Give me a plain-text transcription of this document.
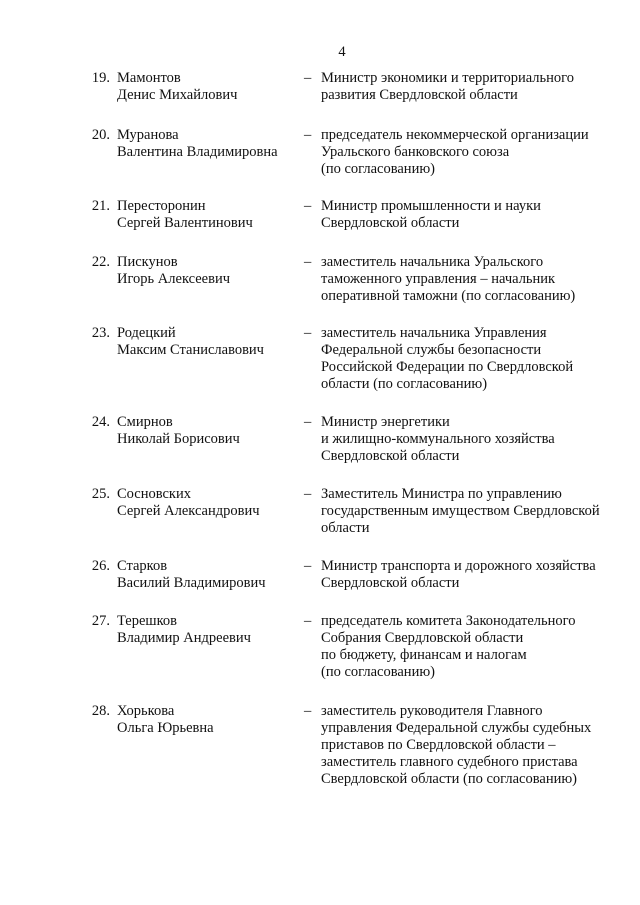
4
19. Мамонтов
Денис Михайлович
– Министр экономики и территориального
развития Свердловской области
20. Муранова
Валентина Владимировна
– председатель некоммерческой организации
Уральского банковского союза
(по согласованию)
21. Пересторонин
Сергей Валентинович
– Министр промышленности и науки
Свердловской области
22. Пискунов
Игорь Алексеевич
– заместитель начальника Уральского
таможенного управления – начальник
оперативной таможни (по согласованию)
23. Родецкий
Максим Станиславович
– заместитель начальника Управления
Федеральной службы безопасности
Российской Федерации по Свердловской
области (по согласованию)
24. Смирнов
Николай Борисович
– Министр энергетики
и жилищно-коммунального хозяйства
Свердловской области
25. Сосновских
Сергей Александрович
– Заместитель Министра по управлению
государственным имуществом Свердловской
области
26. Старков
Василий Владимирович
– Министр транспорта и дорожного хозяйства
Свердловской области
27. Терешков
Владимир Андреевич
– председатель комитета Законодательного
Собрания Свердловской области
по бюджету, финансам и налогам
(по согласованию)
28. Хорькова
Ольга Юрьевна
– заместитель руководителя Главного
управления Федеральной службы судебных
приставов по Свердловской области –
заместитель главного судебного пристава
Свердловской области (по согласованию)
